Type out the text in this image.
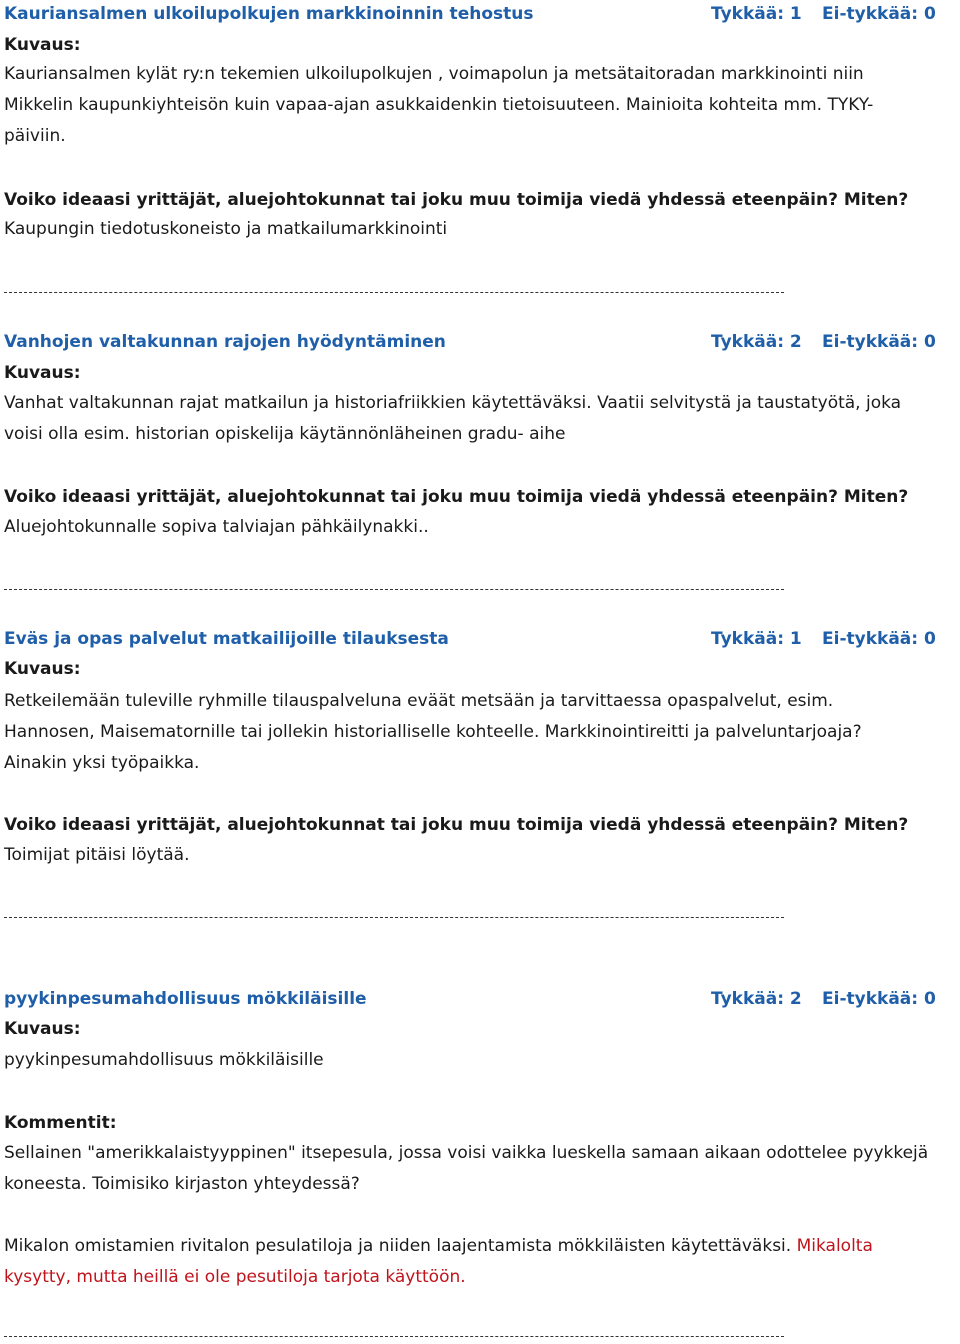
Kauriansalmen ulkoilupolkujen markkinoinnin tehostus	Tykkää: 1 Ei-tykkää: 0
Kuvaus:
Kauriansalmen kylät ry:n tekemien ulkoilupolkujen , voimapolun ja metsätaitoradan markkinointi niin
Mikkelin kaupunkiyhteisön kuin vapaa-ajan asukkaidenkin tietoisuuteen. Mainioita kohteita mm. TYKY-
päiviin.
Voiko ideaasi yrittäjät, aluejohtokunnat tai joku muu toimija viedä yhdessä eteenpäin? Miten?
Kaupungin tiedotuskoneisto ja matkailumarkkinointi
Vanhojen valtakunnan rajojen hyödyntäminen	Tykkää: 2 Ei-tykkää: 0
Kuvaus:
Vanhat valtakunnan rajat matkailun ja historiafriikkien käytettäväksi. Vaatii selvitystä ja taustatyötä, joka
voisi olla esim. historian opiskelija käytännönläheinen gradu- aihe
Voiko ideaasi yrittäjät, aluejohtokunnat tai joku muu toimija viedä yhdessä eteenpäin? Miten?
Aluejohtokunnalle sopiva talviajan pähkäilynakki..
Eväs ja opas palvelut matkailijoille tilauksesta	Tykkää: 1 Ei-tykkää: 0
Kuvaus:
Retkeilemään tuleville ryhmille tilauspalveluna eväät metsään ja tarvittaessa opaspalvelut, esim.
Hannosen, Maisematornille tai jollekin historialliselle kohteelle. Markkinointireitti ja palveluntarjoaja?
Ainakin yksi työpaikka.
Voiko ideaasi yrittäjät, aluejohtokunnat tai joku muu toimija viedä yhdessä eteenpäin? Miten?
Toimijat pitäisi löytää.
pyykinpesumahdollisuus mökkiläisille	Tykkää: 2 Ei-tykkää: 0
Kuvaus:
pyykinpesumahdollisuus mökkiläisille
Kommentit:
Sellainen "amerikkalaistyyppinen" itsepesula, jossa voisi vaikka lueskella samaan aikaan odottelee pyykkejä
koneesta. Toimisiko kirjaston yhteydessä?
Mikalon omistamien rivitalon pesulatiloja ja niiden laajentamista mökkiläisten käytettäväksi. Mikalolta
kysytty, mutta heillä ei ole pesutiloja tarjota käyttöön.
